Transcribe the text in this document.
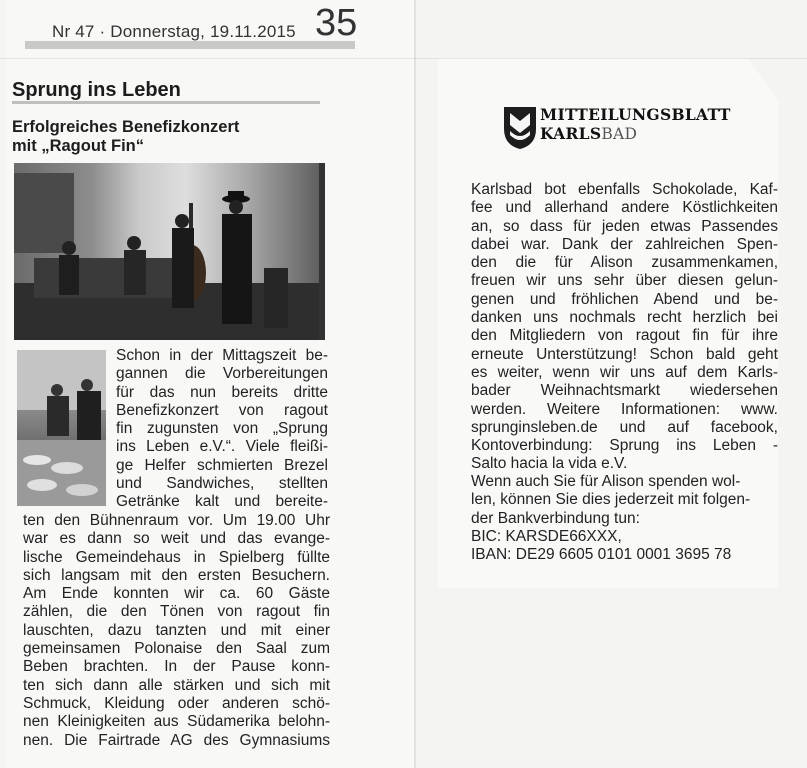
Nr 47 · Donnerstag, 19.11.2015 35
Sprung ins Leben
Erfolgreiches Benefizkonzert
mit „Ragout Fin“
Schon in der Mittagszeit be-
gannen die Vorbereitungen
für das nun bereits dritte
Benefizkonzert von ragout
fin zugunsten von „Sprung
ins Leben e.V.“. Viele fleißi-
ge Helfer schmierten Brezel
und Sandwiches, stellten
Getränke kalt und bereite-
ten den Bühnenraum vor. Um 19.00 Uhr
war es dann so weit und das evange-
lische Gemeindehaus in Spielberg füllte
sich langsam mit den ersten Besuchern.
Am Ende konnten wir ca. 60 Gäste
zählen, die den Tönen von ragout fin
lauschten, dazu tanzten und mit einer
gemeinsamen Polonaise den Saal zum
Beben brachten. In der Pause konn-
ten sich dann alle stärken und sich mit
Schmuck, Kleidung oder anderen schö-
nen Kleinigkeiten aus Südamerika belohn-
nen. Die Fairtrade AG des Gymnasiums
MITTEILUNGSBLATT
KARLSBAD
Karlsbad bot ebenfalls Schokolade, Kaf-
fee und allerhand andere Köstlichkeiten
an, so dass für jeden etwas Passendes
dabei war. Dank der zahlreichen Spen-
den die für Alison zusammenkamen,
freuen wir uns sehr über diesen gelun-
genen und fröhlichen Abend und be-
danken uns nochmals recht herzlich bei
den Mitgliedern von ragout fin für ihre
erneute Unterstützung! Schon bald geht
es weiter, wenn wir uns auf dem Karls-
bader Weihnachtsmarkt wiedersehen
werden. Weitere Informationen: www.
sprunginsleben.de und auf facebook,
Kontoverbindung: Sprung ins Leben -
Salto hacia la vida e.V.
Wenn auch Sie für Alison spenden wol-
len, können Sie dies jederzeit mit folgen-
der Bankverbindung tun:
BIC: KARSDE66XXX,
IBAN: DE29 6605 0101 0001 3695 78
